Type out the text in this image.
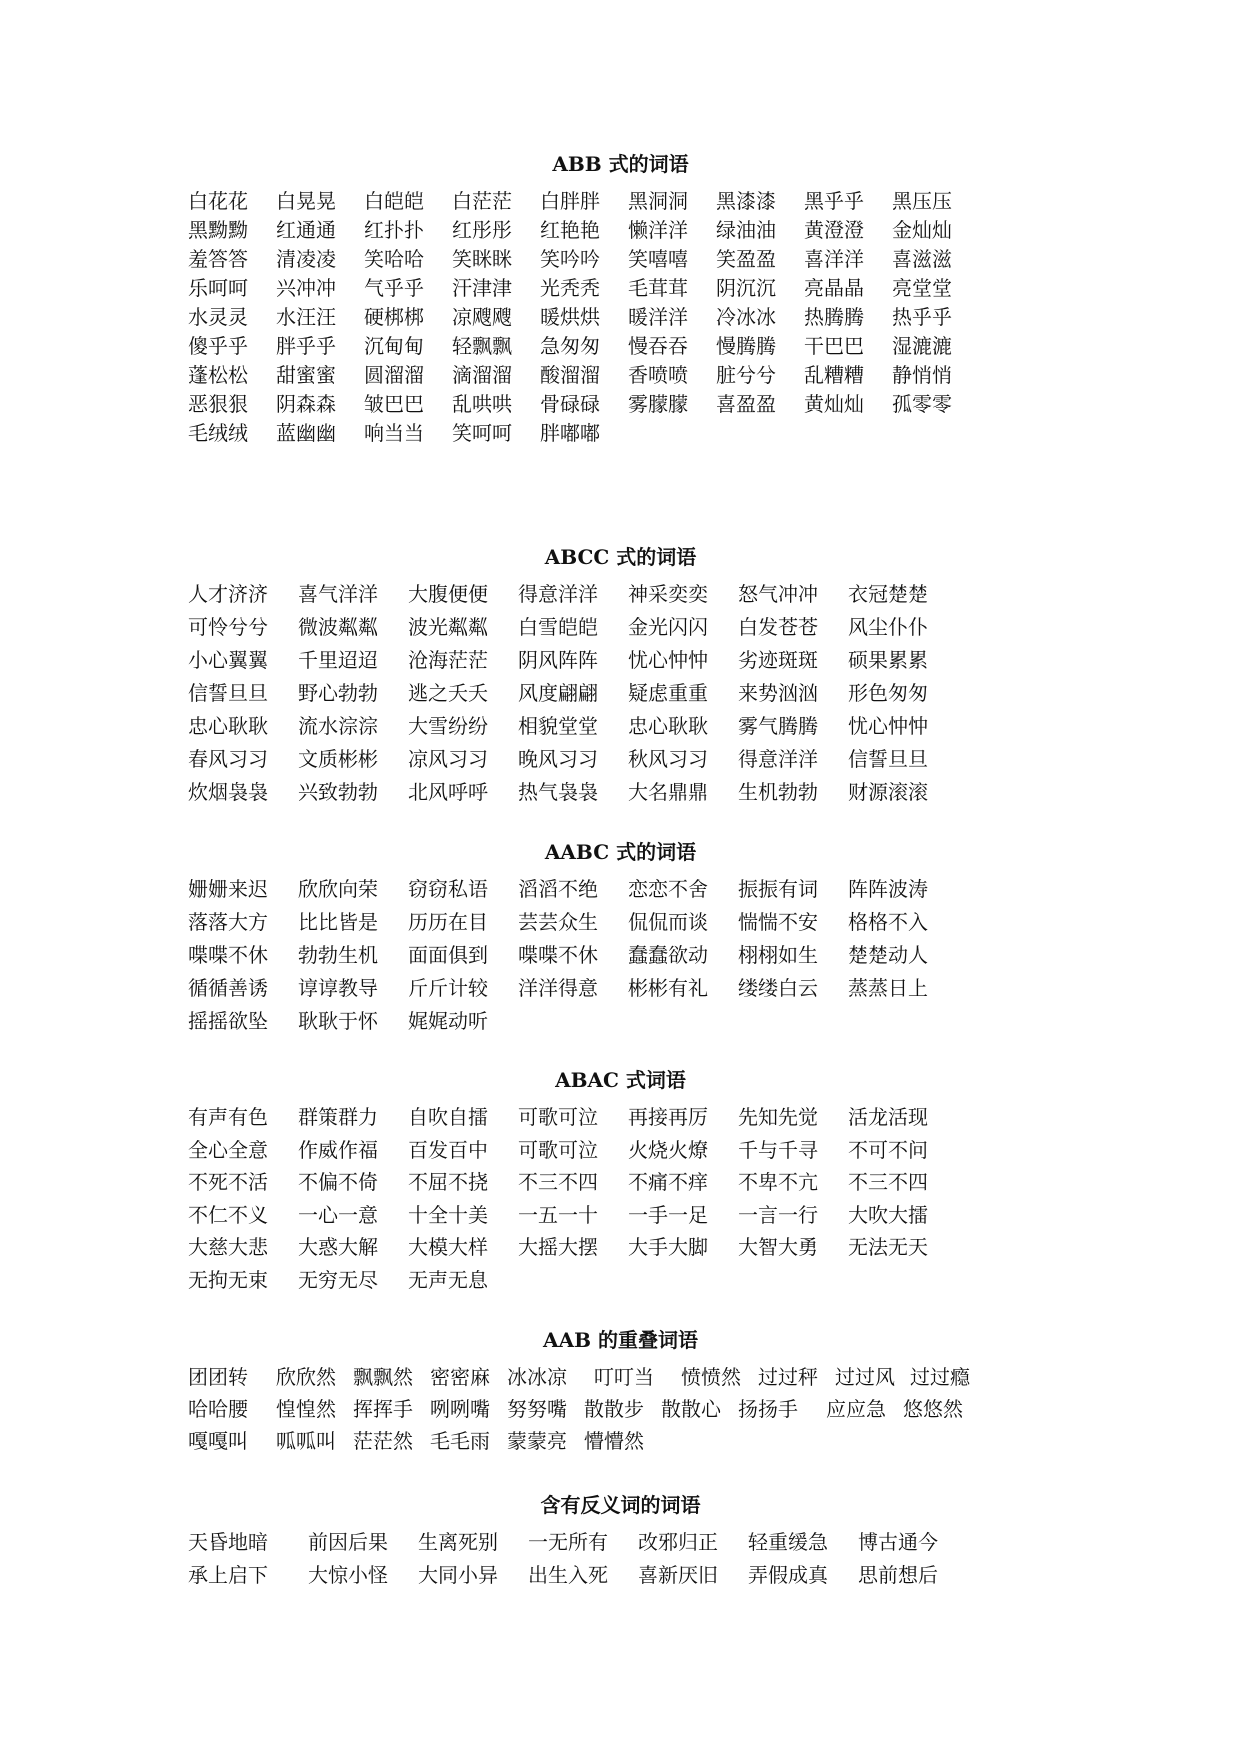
ABB 式的词语
白花花 白晃晃 白皑皑 白茫茫 白胖胖 黑洞洞 黑漆漆 黑乎乎 黑压压
黑黝黝 红通通 红扑扑 红彤彤 红艳艳 懒洋洋 绿油油 黄澄澄 金灿灿
羞答答 清凌凌 笑哈哈 笑眯眯 笑吟吟 笑嘻嘻 笑盈盈 喜洋洋 喜滋滋
乐呵呵 兴冲冲 气乎乎 汗津津 光秃秃 毛茸茸 阴沉沉 亮晶晶 亮堂堂
水灵灵 水汪汪 硬梆梆 凉飕飕 暖烘烘 暖洋洋 冷冰冰 热腾腾 热乎乎
傻乎乎 胖乎乎 沉甸甸 轻飘飘 急匆匆 慢吞吞 慢腾腾 干巴巴 湿漉漉
蓬松松 甜蜜蜜 圆溜溜 滴溜溜 酸溜溜 香喷喷 脏兮兮 乱糟糟 静悄悄
恶狠狠 阴森森 皱巴巴 乱哄哄 骨碌碌 雾朦朦 喜盈盈 黄灿灿 孤零零
毛绒绒 蓝幽幽 响当当 笑呵呵 胖嘟嘟
ABCC 式的词语
人才济济 喜气洋洋 大腹便便 得意洋洋 神采奕奕 怒气冲冲 衣冠楚楚
可怜兮兮 微波粼粼 波光粼粼 白雪皑皑 金光闪闪 白发苍苍 风尘仆仆
小心翼翼 千里迢迢 沧海茫茫 阴风阵阵 忧心忡忡 劣迹斑斑 硕果累累
信誓旦旦 野心勃勃 逃之夭夭 风度翩翩 疑虑重重 来势汹汹 形色匆匆
忠心耿耿 流水淙淙 大雪纷纷 相貌堂堂 忠心耿耿 雾气腾腾 忧心忡忡
春风习习 文质彬彬 凉风习习 晚风习习 秋风习习 得意洋洋 信誓旦旦
炊烟袅袅 兴致勃勃 北风呼呼 热气袅袅 大名鼎鼎 生机勃勃 财源滚滚
AABC 式的词语
姗姗来迟 欣欣向荣 窃窃私语 滔滔不绝 恋恋不舍 振振有词 阵阵波涛
落落大方 比比皆是 历历在目 芸芸众生 侃侃而谈 惴惴不安 格格不入
喋喋不休 勃勃生机 面面俱到 喋喋不休 蠢蠢欲动 栩栩如生 楚楚动人
循循善诱 谆谆教导 斤斤计较 洋洋得意 彬彬有礼 缕缕白云 蒸蒸日上
摇摇欲坠 耿耿于怀 娓娓动听
ABAC 式词语
有声有色 群策群力 自吹自擂 可歌可泣 再接再厉 先知先觉 活龙活现
全心全意 作威作福 百发百中 可歌可泣 火烧火燎 千与千寻 不可不问
不死不活 不偏不倚 不屈不挠 不三不四 不痛不痒 不卑不亢 不三不四
不仁不义 一心一意 十全十美 一五一十 一手一足 一言一行 大吹大擂
大慈大悲 大惑大解 大模大样 大摇大摆 大手大脚 大智大勇 无法无天
无拘无束 无穷无尽 无声无息
AAB 的重叠词语
团团转 欣欣然 飘飘然 密密麻 冰冰凉 叮叮当 愤愤然 过过秤 过过风 过过瘾
哈哈腰 惶惶然 挥挥手 咧咧嘴 努努嘴 散散步 散散心 扬扬手 应应急 悠悠然
嘎嘎叫 呱呱叫 茫茫然 毛毛雨 蒙蒙亮 懵懵然
含有反义词的词语
天昏地暗 前因后果 生离死别 一无所有 改邪归正 轻重缓急 博古通今
承上启下 大惊小怪 大同小异 出生入死 喜新厌旧 弄假成真 思前想后
